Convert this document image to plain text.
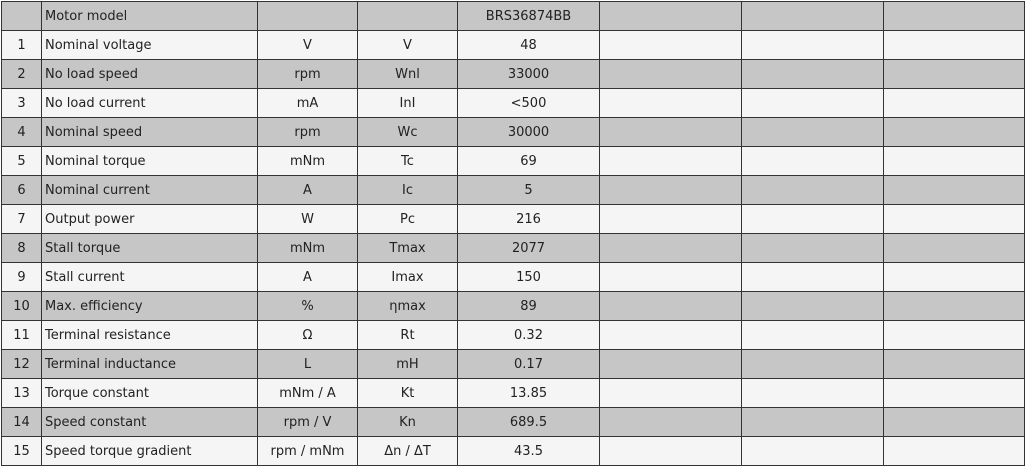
	Motor model			BRS36874BB			
1	Nominal voltage	V	V	48			
2	No load speed	rpm	Wnl	33000			
3	No load current	mA	InI	<500			
4	Nominal speed	rpm	Wc	30000			
5	Nominal torque	mNm	Tc	69			
6	Nominal current	A	Ic	5			
7	Output power	W	Pc	216			
8	Stall torque	mNm	Tmax	2077			
9	Stall current	A	Imax	150			
10	Max. efficiency	%	ηmax	89			
11	Terminal resistance	Ω	Rt	0.32			
12	Terminal inductance	L	mH	0.17			
13	Torque constant	mNm / A	Kt	13.85			
14	Speed constant	rpm / V	Kn	689.5			
15	Speed torque gradient	rpm / mNm	Δn / ΔT	43.5			
